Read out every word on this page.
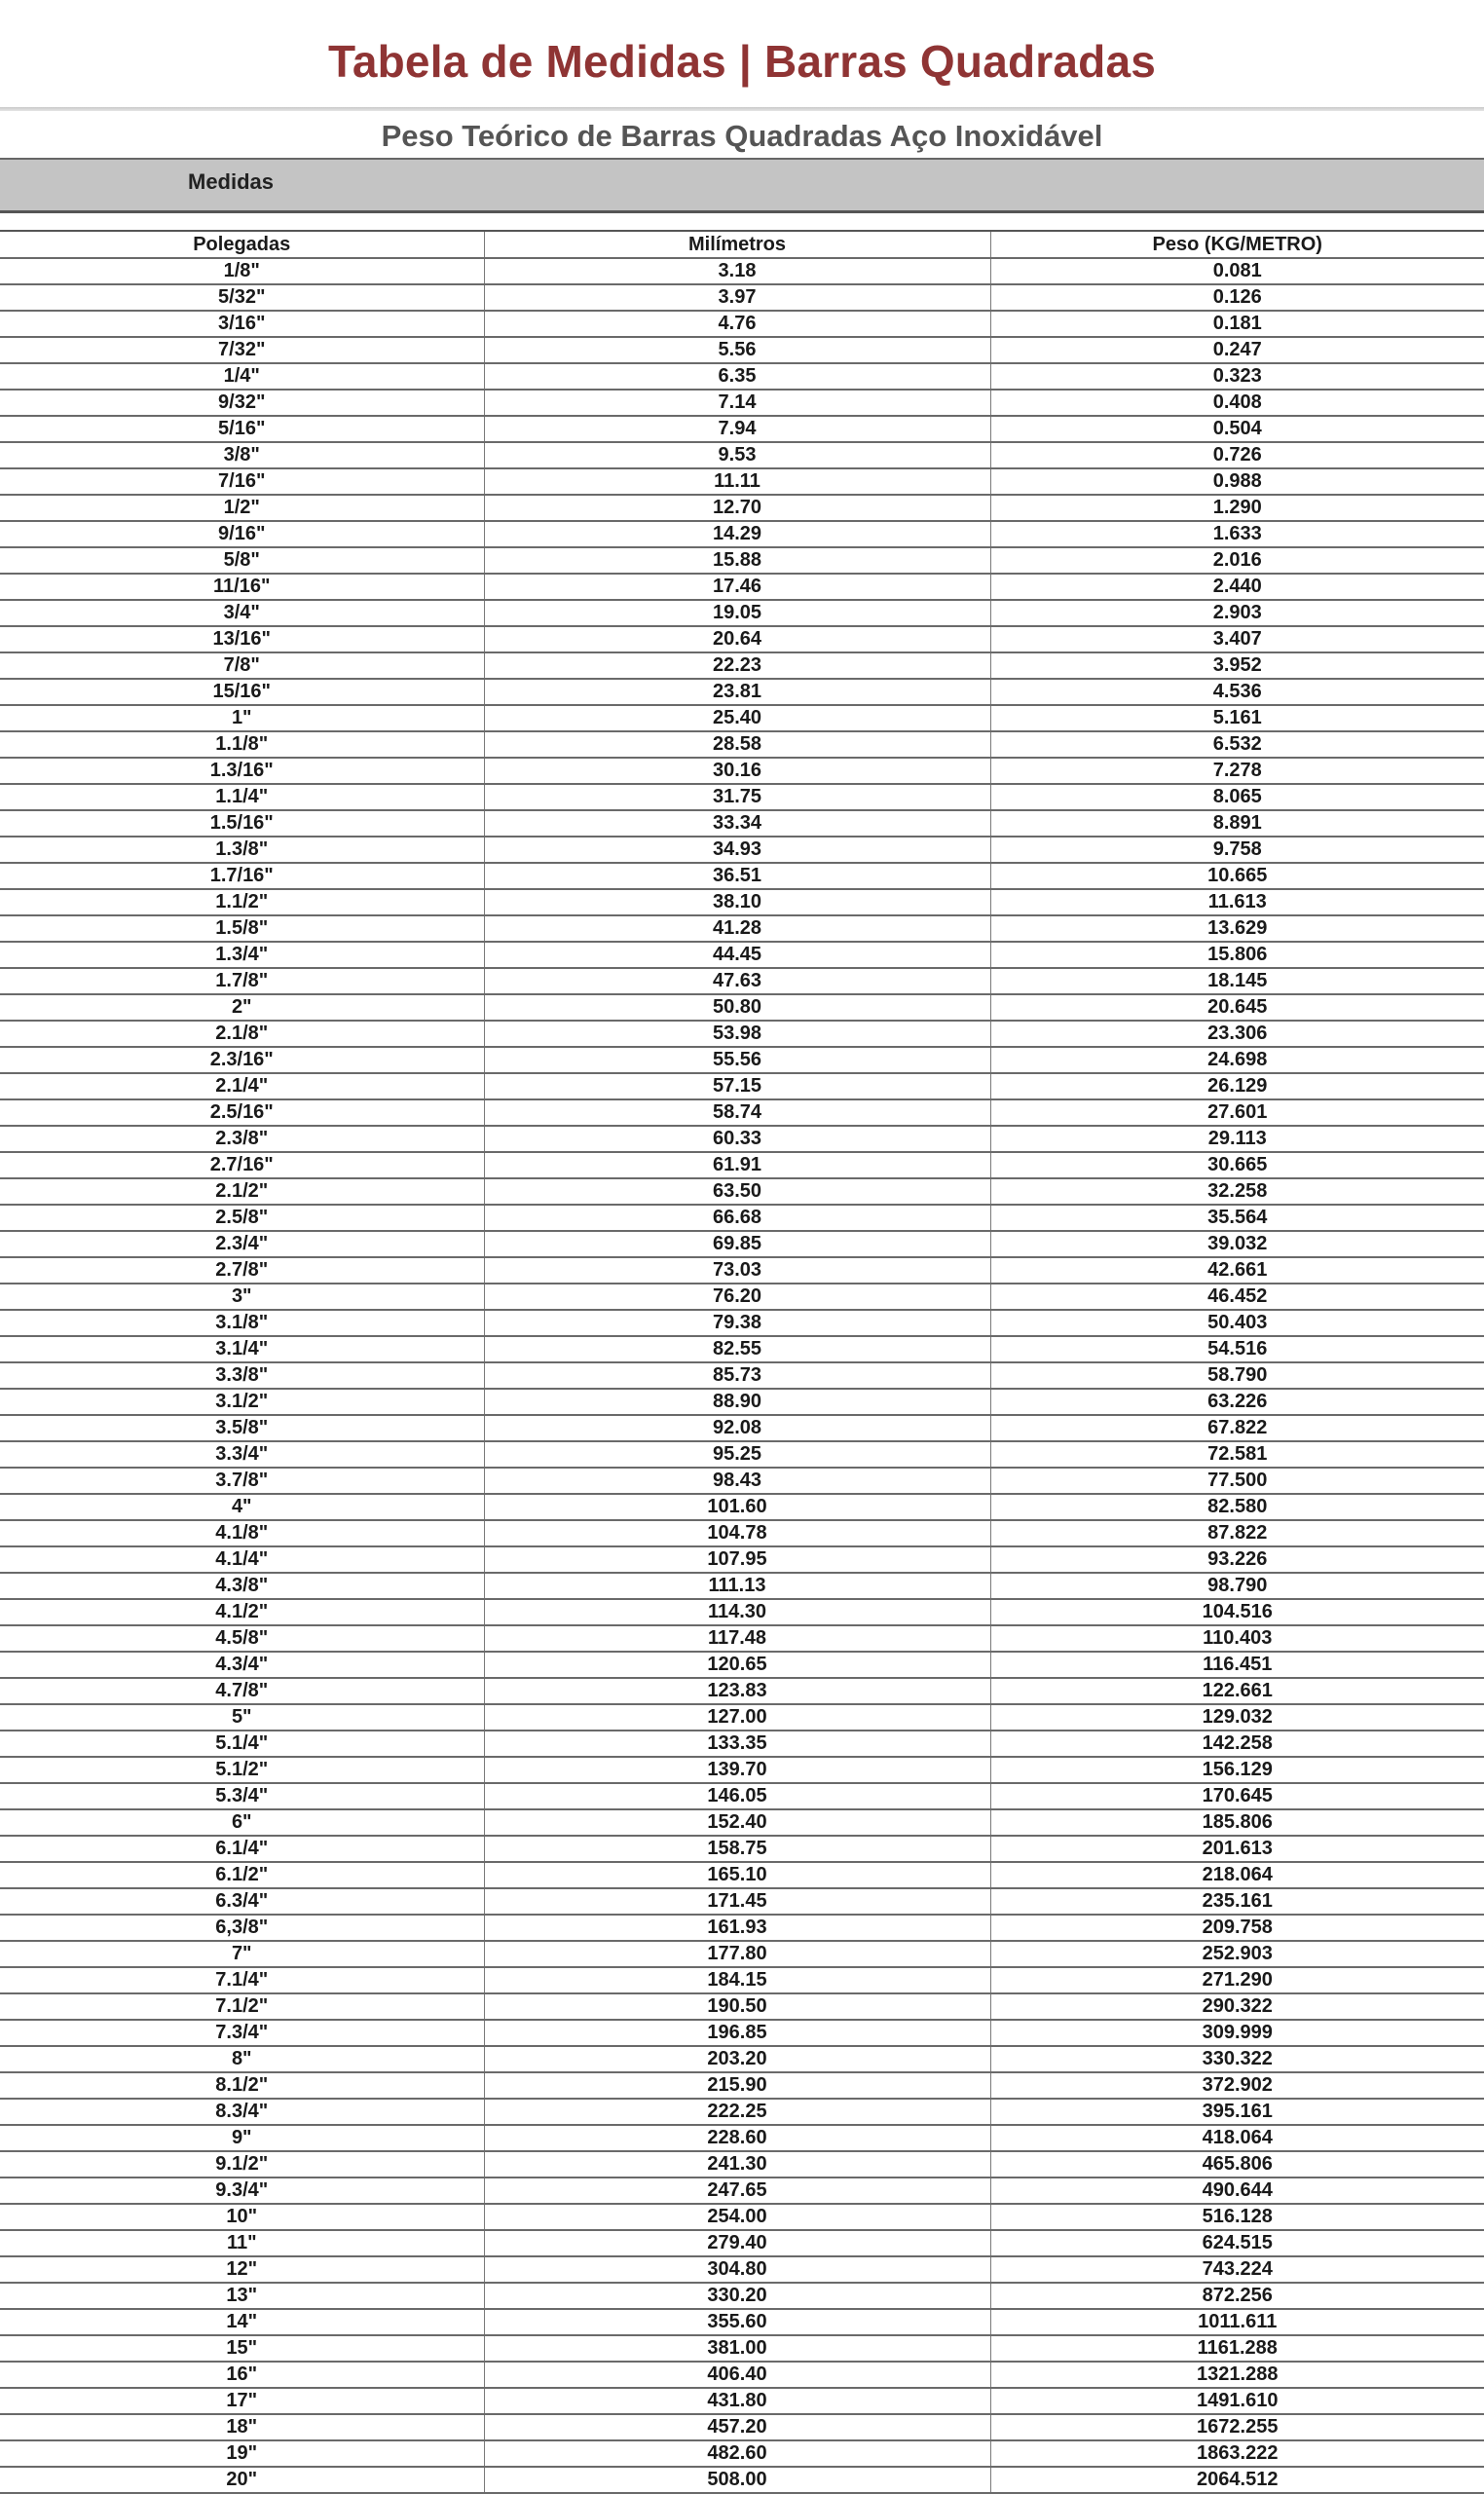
Tabela de Medidas | Barras Quadradas
Peso Teórico de Barras Quadradas Aço Inoxidável
Medidas
Polegadas	Milímetros	Peso (KG/METRO)
1/8"	3.18	0.081
5/32"	3.97	0.126
3/16"	4.76	0.181
7/32"	5.56	0.247
1/4"	6.35	0.323
9/32"	7.14	0.408
5/16"	7.94	0.504
3/8"	9.53	0.726
7/16"	11.11	0.988
1/2"	12.70	1.290
9/16"	14.29	1.633
5/8"	15.88	2.016
11/16"	17.46	2.440
3/4"	19.05	2.903
13/16"	20.64	3.407
7/8"	22.23	3.952
15/16"	23.81	4.536
1"	25.40	5.161
1.1/8"	28.58	6.532
1.3/16"	30.16	7.278
1.1/4"	31.75	8.065
1.5/16"	33.34	8.891
1.3/8"	34.93	9.758
1.7/16"	36.51	10.665
1.1/2"	38.10	11.613
1.5/8"	41.28	13.629
1.3/4"	44.45	15.806
1.7/8"	47.63	18.145
2"	50.80	20.645
2.1/8"	53.98	23.306
2.3/16"	55.56	24.698
2.1/4"	57.15	26.129
2.5/16"	58.74	27.601
2.3/8"	60.33	29.113
2.7/16"	61.91	30.665
2.1/2"	63.50	32.258
2.5/8"	66.68	35.564
2.3/4"	69.85	39.032
2.7/8"	73.03	42.661
3"	76.20	46.452
3.1/8"	79.38	50.403
3.1/4"	82.55	54.516
3.3/8"	85.73	58.790
3.1/2"	88.90	63.226
3.5/8"	92.08	67.822
3.3/4"	95.25	72.581
3.7/8"	98.43	77.500
4"	101.60	82.580
4.1/8"	104.78	87.822
4.1/4"	107.95	93.226
4.3/8"	111.13	98.790
4.1/2"	114.30	104.516
4.5/8"	117.48	110.403
4.3/4"	120.65	116.451
4.7/8"	123.83	122.661
5"	127.00	129.032
5.1/4"	133.35	142.258
5.1/2"	139.70	156.129
5.3/4"	146.05	170.645
6"	152.40	185.806
6.1/4"	158.75	201.613
6.1/2"	165.10	218.064
6.3/4"	171.45	235.161
6,3/8"	161.93	209.758
7"	177.80	252.903
7.1/4"	184.15	271.290
7.1/2"	190.50	290.322
7.3/4"	196.85	309.999
8"	203.20	330.322
8.1/2"	215.90	372.902
8.3/4"	222.25	395.161
9"	228.60	418.064
9.1/2"	241.30	465.806
9.3/4"	247.65	490.644
10"	254.00	516.128
11"	279.40	624.515
12"	304.80	743.224
13"	330.20	872.256
14"	355.60	1011.611
15"	381.00	1161.288
16"	406.40	1321.288
17"	431.80	1491.610
18"	457.20	1672.255
19"	482.60	1863.222
20"	508.00	2064.512
